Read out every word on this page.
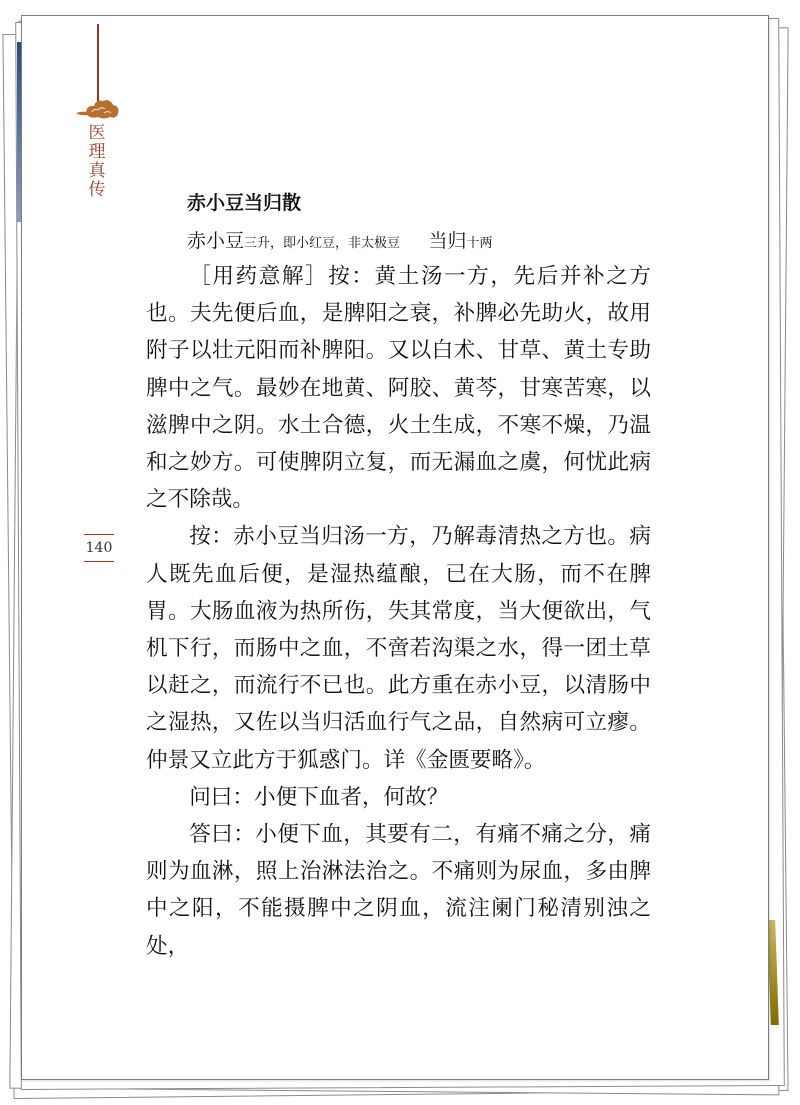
医理真传
140
赤小豆当归散
赤小豆三升，即小红豆，非太极豆   当归十两

［用药意解］按：黄土汤一方，先后并补之方也。夫先便后血，是脾阳之衰，补脾必先助火，故用附子以壮元阳而补脾阳。又以白术、甘草、黄土专助脾中之气。最妙在地黄、阿胶、黄芩，甘寒苦寒，以滋脾中之阴。水土合德，火土生成，不寒不燥，乃温和之妙方。可使脾阴立复，而无漏血之虞，何忧此病之不除哉。

按：赤小豆当归汤一方，乃解毒清热之方也。病人既先血后便，是湿热蕴酿，已在大肠，而不在脾胃。大肠血液为热所伤，失其常度，当大便欲出，气机下行，而肠中之血，不啻若沟渠之水，得一团土草以赶之，而流行不已也。此方重在赤小豆，以清肠中之湿热，又佐以当归活血行气之品，自然病可立瘳。仲景又立此方于狐惑门。详《金匮要略》。

问曰：小便下血者，何故？

答曰：小便下血，其要有二，有痛不痛之分，痛则为血淋，照上治淋法治之。不痛则为尿血，多由脾中之阳，不能摄脾中之阴血，流注阑门秘清别浊之处，
